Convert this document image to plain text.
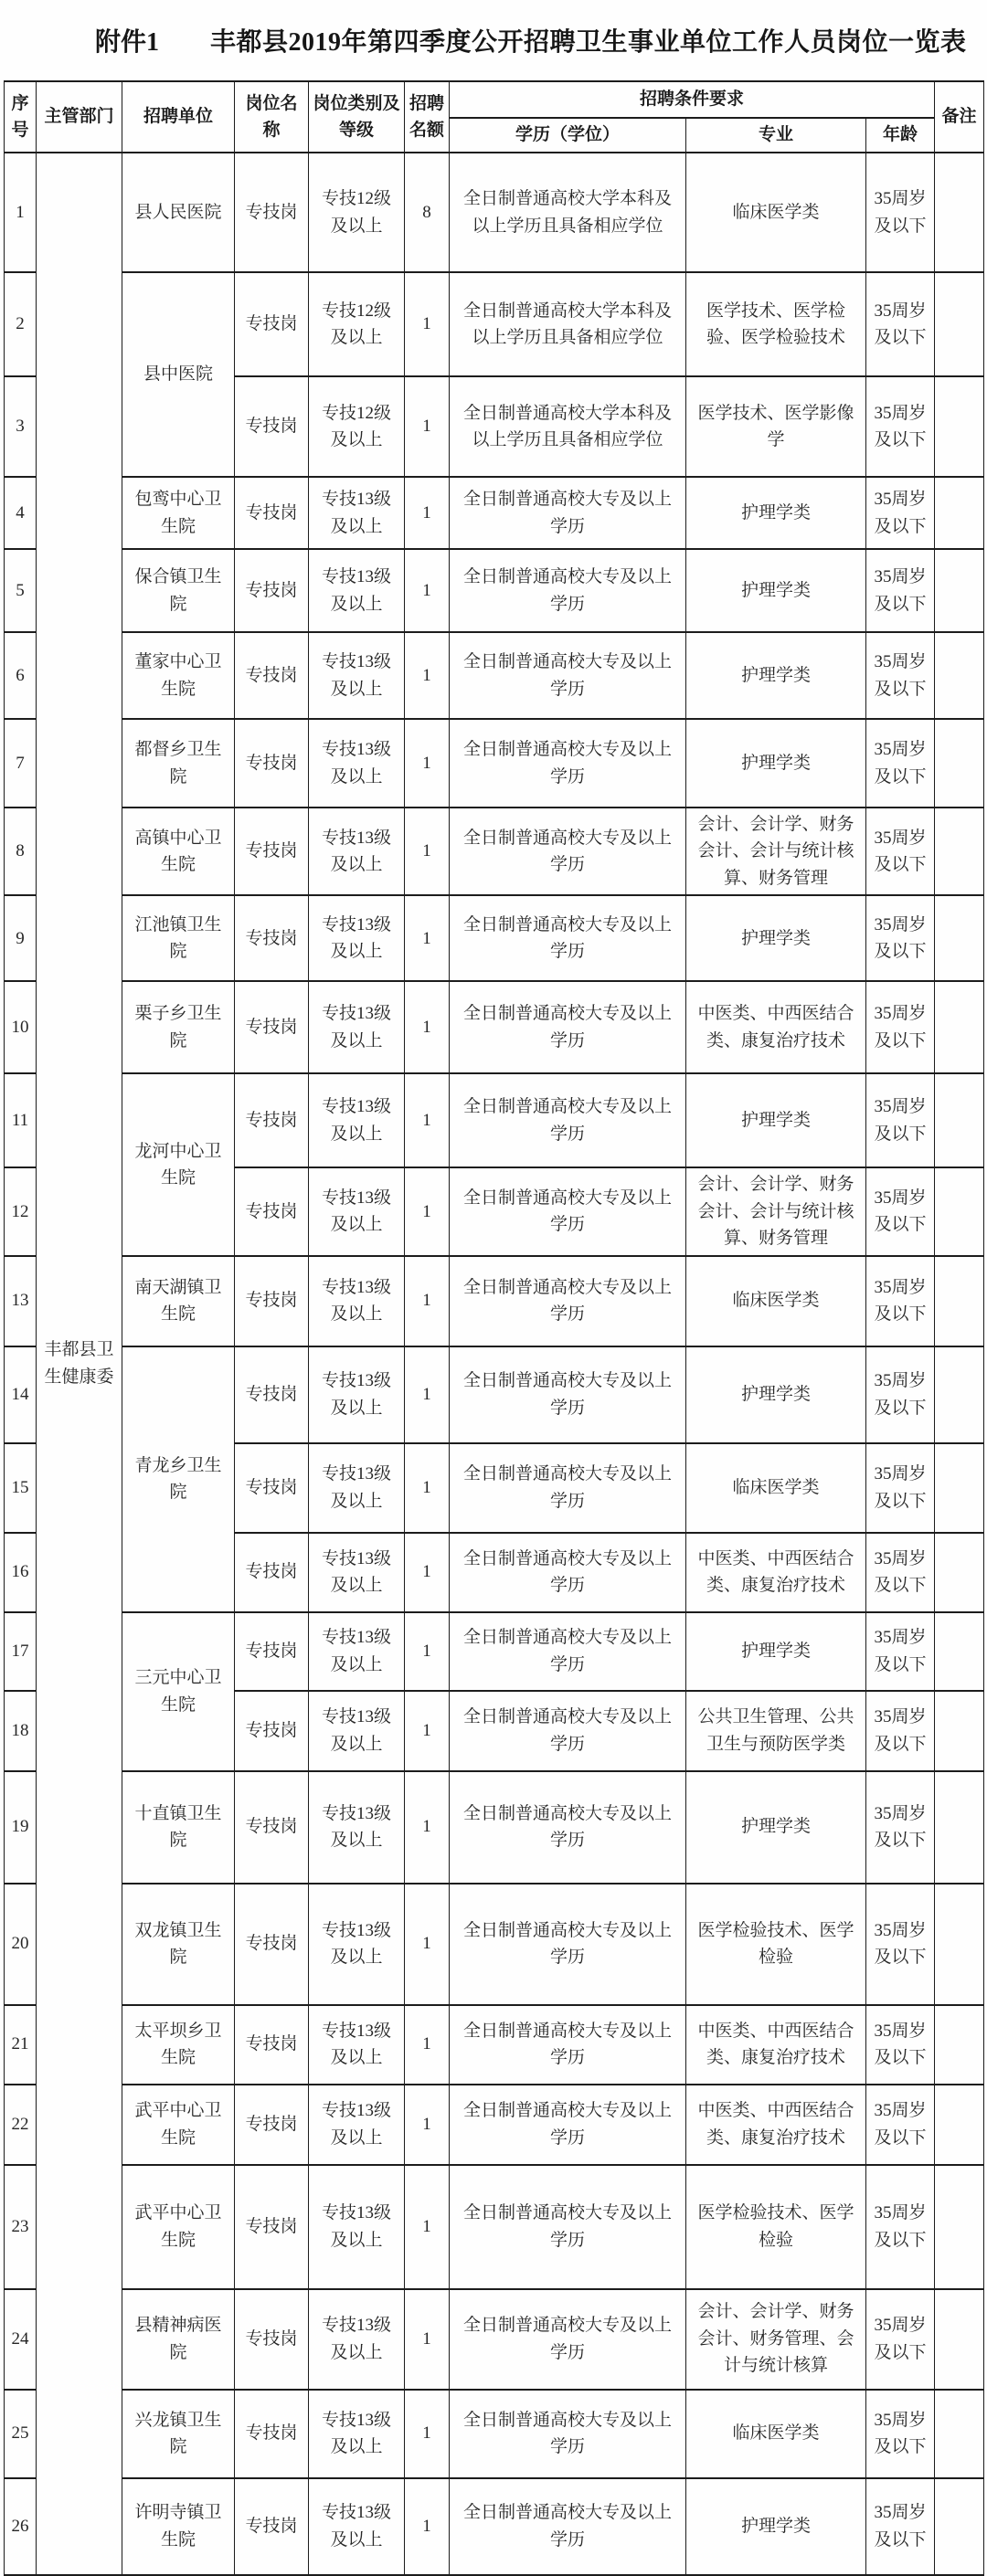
附件1 丰都县2019年第四季度公开招聘卫生事业单位工作人员岗位一览表
序号	主管部门	招聘单位	岗位名称	岗位类别及等级	招聘名额	招聘条件要求			备注
						学历（学位）	专业	年龄	
1	丰都县卫生健康委	县人民医院	专技岗	专技12级及以上	8	全日制普通高校大学本科及以上学历且具备相应学位	临床医学类	35周岁及以下	
2		县中医院	专技岗	专技12级及以上	1	全日制普通高校大学本科及以上学历且具备相应学位	医学技术、医学检验、医学检验技术	35周岁及以下	
3			专技岗	专技12级及以上	1	全日制普通高校大学本科及以上学历且具备相应学位	医学技术、医学影像学	35周岁及以下	
4		包鸾中心卫生院	专技岗	专技13级及以上	1	全日制普通高校大专及以上学历	护理学类	35周岁及以下	
5		保合镇卫生院	专技岗	专技13级及以上	1	全日制普通高校大专及以上学历	护理学类	35周岁及以下	
6		董家中心卫生院	专技岗	专技13级及以上	1	全日制普通高校大专及以上学历	护理学类	35周岁及以下	
7		都督乡卫生院	专技岗	专技13级及以上	1	全日制普通高校大专及以上学历	护理学类	35周岁及以下	
8		高镇中心卫生院	专技岗	专技13级及以上	1	全日制普通高校大专及以上学历	会计、会计学、财务会计、会计与统计核算、财务管理	35周岁及以下	
9		江池镇卫生院	专技岗	专技13级及以上	1	全日制普通高校大专及以上学历	护理学类	35周岁及以下	
10		栗子乡卫生院	专技岗	专技13级及以上	1	全日制普通高校大专及以上学历	中医类、中西医结合类、康复治疗技术	35周岁及以下	
11		龙河中心卫生院	专技岗	专技13级及以上	1	全日制普通高校大专及以上学历	护理学类	35周岁及以下	
12			专技岗	专技13级及以上	1	全日制普通高校大专及以上学历	会计、会计学、财务会计、会计与统计核算、财务管理	35周岁及以下	
13		南天湖镇卫生院	专技岗	专技13级及以上	1	全日制普通高校大专及以上学历	临床医学类	35周岁及以下	
14		青龙乡卫生院	专技岗	专技13级及以上	1	全日制普通高校大专及以上学历	护理学类	35周岁及以下	
15			专技岗	专技13级及以上	1	全日制普通高校大专及以上学历	临床医学类	35周岁及以下	
16			专技岗	专技13级及以上	1	全日制普通高校大专及以上学历	中医类、中西医结合类、康复治疗技术	35周岁及以下	
17		三元中心卫生院	专技岗	专技13级及以上	1	全日制普通高校大专及以上学历	护理学类	35周岁及以下	
18			专技岗	专技13级及以上	1	全日制普通高校大专及以上学历	公共卫生管理、公共卫生与预防医学类	35周岁及以下	
19		十直镇卫生院	专技岗	专技13级及以上	1	全日制普通高校大专及以上学历	护理学类	35周岁及以下	
20		双龙镇卫生院	专技岗	专技13级及以上	1	全日制普通高校大专及以上学历	医学检验技术、医学检验	35周岁及以下	
21		太平坝乡卫生院	专技岗	专技13级及以上	1	全日制普通高校大专及以上学历	中医类、中西医结合类、康复治疗技术	35周岁及以下	
22		武平中心卫生院	专技岗	专技13级及以上	1	全日制普通高校大专及以上学历	中医类、中西医结合类、康复治疗技术	35周岁及以下	
23		武平中心卫生院	专技岗	专技13级及以上	1	全日制普通高校大专及以上学历	医学检验技术、医学检验	35周岁及以下	
24		县精神病医院	专技岗	专技13级及以上	1	全日制普通高校大专及以上学历	会计、会计学、财务会计、财务管理、会计与统计核算	35周岁及以下	
25		兴龙镇卫生院	专技岗	专技13级及以上	1	全日制普通高校大专及以上学历	临床医学类	35周岁及以下	
26		许明寺镇卫生院	专技岗	专技13级及以上	1	全日制普通高校大专及以上学历	护理学类	35周岁及以下	
